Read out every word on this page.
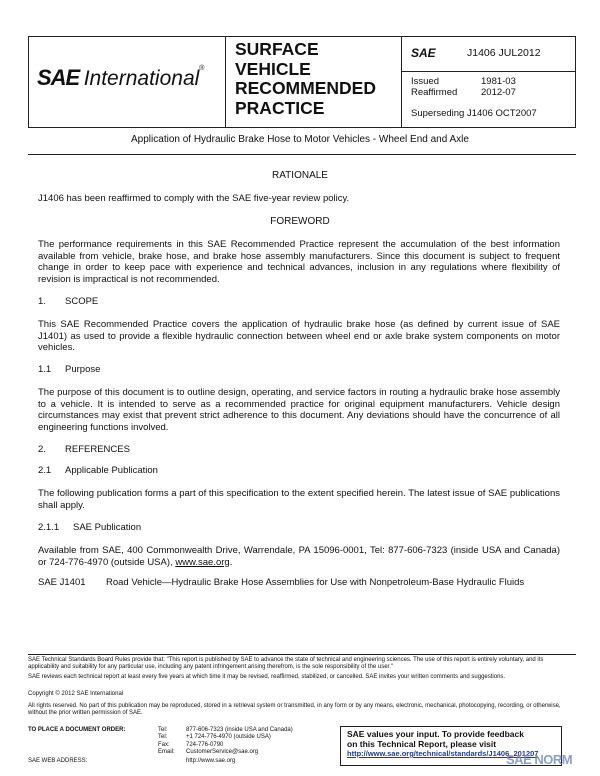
SAE International®
SURFACE
VEHICLE
RECOMMENDED
PRACTICE
SAE	J1406 JUL2012
Issued	1981-03
Reaffirmed 2012-07
Superseding J1406 OCT2007
Application of Hydraulic Brake Hose to Motor Vehicles - Wheel End and Axle
RATIONALE
J1406 has been reaffirmed to comply with the SAE five-year review policy.
FOREWORD
The performance requirements in this SAE Recommended Practice represent the accumulation of the best information available from vehicle, brake hose, and brake hose assembly manufacturers. Since this document is subject to frequent change in order to keep pace with experience and technical advances, inclusion in any regulations where flexibility of revision is impractical is not recommended.
1. SCOPE
This SAE Recommended Practice covers the application of hydraulic brake hose (as defined by current issue of SAE J1401) as used to provide a flexible hydraulic connection between wheel end or axle brake system components on motor vehicles.
1.1 Purpose
The purpose of this document is to outline design, operating, and service factors in routing a hydraulic brake hose assembly to a vehicle. It is intended to serve as a recommended practice for original equipment manufacturers. Vehicle design circumstances may exist that prevent strict adherence to this document. Any deviations should have the concurrence of all engineering functions involved.
2. REFERENCES
2.1 Applicable Publication
The following publication forms a part of this specification to the extent specified herein. The latest issue of SAE publications shall apply.
2.1.1 SAE Publication
Available from SAE, 400 Commonwealth Drive, Warrendale, PA 15096-0001, Tel: 877-606-7323 (inside USA and Canada) or 724-776-4970 (outside USA), www.sae.org.
SAE J1401 Road Vehicle—Hydraulic Brake Hose Assemblies for Use with Nonpetroleum-Base Hydraulic Fluids
SAE Technical Standards Board Rules provide that: "This report is published by SAE to advance the state of technical and engineering sciences. The use of this report is entirely voluntary, and its applicability and suitability for any particular use, including any patent infringement arising therefrom, is the sole responsibility of the user."
SAE reviews each technical report at least every five years at which time it may be revised, reaffirmed, stabilized, or cancelled. SAE invites your written comments and suggestions.
Copyright © 2012 SAE International
All rights reserved. No part of this publication may be reproduced, stored in a retrieval system or transmitted, in any form or by any means, electronic, mechanical, photocopying, recording, or otherwise, without the prior written permission of SAE.
TO PLACE A DOCUMENT ORDER:	Tel:	877-606-7323 (inside USA and Canada)
Tel:	+1 724-776-4970 (outside USA)
Fax:	724-776-0790
Email: CustomerService@sae.org
SAE WEB ADDRESS:	http://www.sae.org
SAE values your input. To provide feedback
on this Technical Report, please visit
http://www.sae.org/technical/standards/J1406_201207
SAE NORM
